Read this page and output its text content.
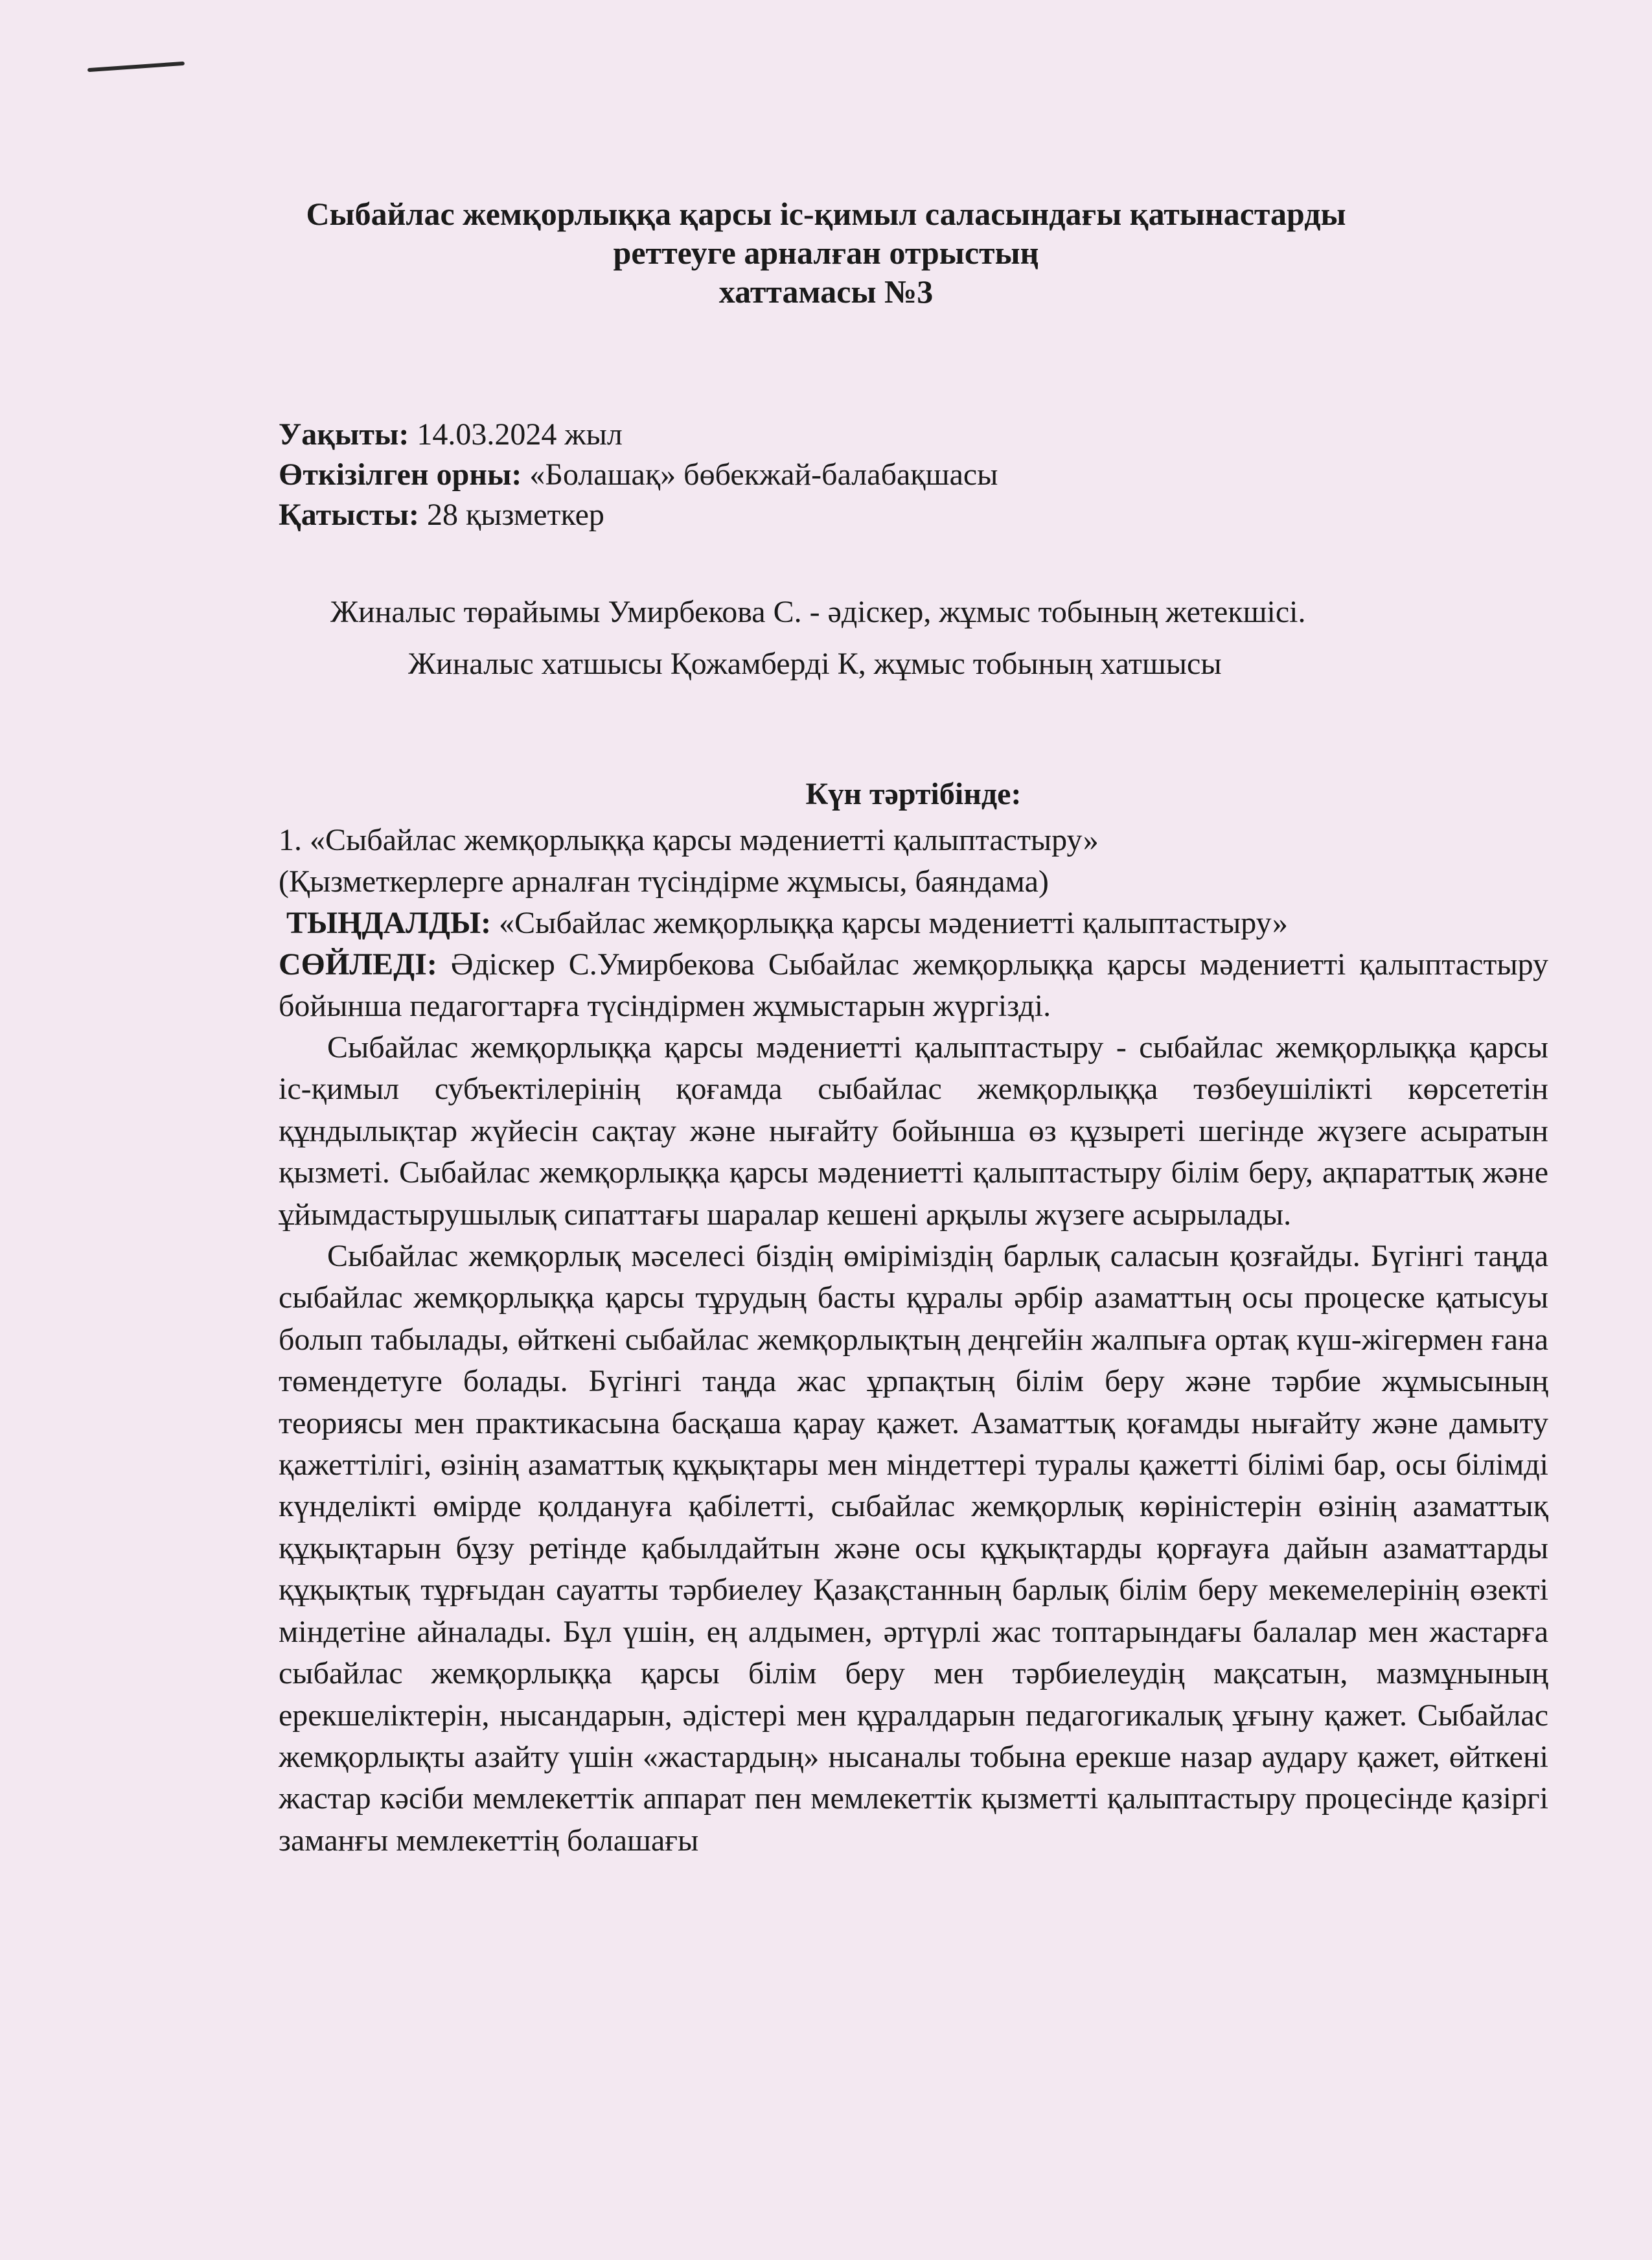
Сыбайлас жемқорлыққа қарсы іс-қимыл саласындағы қатынастарды
реттеуге арналған отрыстың
хаттамасы №3
Уақыты: 14.03.2024 жыл
Өткізілген орны: «Болашақ» бөбекжай-балабақшасы
Қатысты: 28 қызметкер
Жиналыс төрайымы Умирбекова С. - әдіскер, жұмыс тобының жетекшісі.
Жиналыс хатшысы Қожамберді К, жұмыс тобының хатшысы
Күн тәртібінде:
1. «Сыбайлас жемқорлыққа қарсы мәдениетті қалыптастыру»
(Қызметкерлерге арналған түсіндірме жұмысы, баяндама)
ТЫҢДАЛДЫ: «Сыбайлас жемқорлыққа қарсы мәдениетті қалыптастыру»
СӨЙЛЕДІ: Әдіскер С.Умирбекова Сыбайлас жемқорлыққа қарсы мәдениетті қалыптастыру бойынша педагогтарға түсіндірмен жұмыстарын жүргізді.

Сыбайлас жемқорлыққа қарсы мәдениетті қалыптастыру - сыбайлас жемқорлыққа қарсы іс-қимыл субъектілерінің қоғамда сыбайлас жемқорлыққа төзбеушілікті көрсететін құндылықтар жүйесін сақтау және нығайту бойынша өз құзыреті шегінде жүзеге асыратын қызметі. Сыбайлас жемқорлыққа қарсы мәдениетті қалыптастыру білім беру, ақпараттық және ұйымдастырушылық сипаттағы шаралар кешені арқылы жүзеге асырылады.

Сыбайлас жемқорлық мәселесі біздің өміріміздің барлық саласын қозғайды. Бүгінгі таңда сыбайлас жемқорлыққа қарсы тұрудың басты құралы әрбір азаматтың осы процеске қатысуы болып табылады, өйткені сыбайлас жемқорлықтың деңгейін жалпыға ортақ күш-жігермен ғана төмендетуге болады. Бүгінгі таңда жас ұрпақтың білім беру және тәрбие жұмысының теориясы мен практикасына басқаша қарау қажет. Азаматтық қоғамды нығайту және дамыту қажеттілігі, өзінің азаматтық құқықтары мен міндеттері туралы қажетті білімі бар, осы білімді күнделікті өмірде қолдануға қабілетті, сыбайлас жемқорлық көріністерін өзінің азаматтық құқықтарын бұзу ретінде қабылдайтын және осы құқықтарды қорғауға дайын азаматтарды құқықтық тұрғыдан сауатты тәрбиелеу Қазақстанның барлық білім беру мекемелерінің өзекті міндетіне айналады. Бұл үшін, ең алдымен, әртүрлі жас топтарындағы балалар мен жастарға сыбайлас жемқорлыққа қарсы білім беру мен тәрбиелеудің мақсатын, мазмұнының ерекшеліктерін, нысандарын, әдістері мен құралдарын педагогикалық ұғыну қажет. Сыбайлас жемқорлықты азайту үшін «жастардың» нысаналы тобына ерекше назар аудару қажет, өйткені жастар кәсіби мемлекеттік аппарат пен мемлекеттік қызметті қалыптастыру процесінде қазіргі заманғы мемлекеттің болашағы
